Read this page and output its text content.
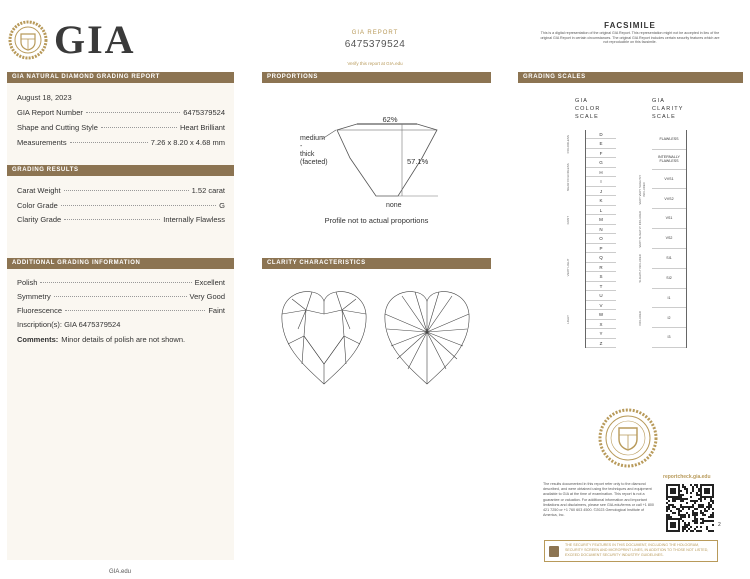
GIA	GIA REPORT
6475379524
Verify this report at GIA.edu
FACSIMILE
This is a digital representation of the original GIA Report. This representation might not be accepted in lieu of the original GIA Report in certain circumstances. The original GIA Report includes certain security features which are not reproducible on this facsimile.
GIA NATURAL DIAMOND GRADING REPORT	PROPORTIONS	GRADING SCALES
GRADING RESULTS
ADDITIONAL GRADING INFORMATION	CLARITY CHARACTERISTICS
August 18, 2023
GIA Report Number	6475379524
Shape and Cutting Style	Heart Brilliant
Measurements	7.26 x 8.20 x 4.68 mm
Carat Weight	1.52 carat
Color Grade	G
Clarity Grade	Internally Flawless
Polish	Excellent
Symmetry	Very Good
Fluorescence	Faint
Inscription(s): GIA 6475379524
Comments: Minor details of polish are not shown.
62%
57.1%
medium
-
thick
(faceted)
none
Profile not to actual proportions
GIA
COLOR
SCALE
GIA
CLARITY
SCALE
D
E
F
G
H
I
J
K
L
M
N
O
P
Q
R
S
T
U
V
W
X
Y
Z
COLORLESS
NEAR COLORLESS
FAINT
VERY LIGHT
LIGHT
FLAWLESS
INTERNALLY FLAWLESS
VVS1
VVS2
VS1
VS2
SI1
SI2
I1
I2
I3
VERY VERY SLIGHTLY INCLUDED
VERY SLIGHTLY INCLUDED
SLIGHTLY INCLUDED
INCLUDED
The results documented in this report refer only to the diamond described, and were obtained using the techniques and equipment available to GIA at the time of examination. This report is not a guarantee or valuation. For additional information and important limitations and disclaimers, please see GIA.edu/terms or call +1 800 421 7250 or +1 760 603 4500. ©2023 Gemological Institute of America, Inc.
reportcheck.gia.edu
2
THE SECURITY FEATURES IN THIS DOCUMENT, INCLUDING THE HOLOGRAM, SECURITY SCREEN AND MICROPRINT LINES, IN ADDITION TO THOSE NOT LISTED, EXCEED DOCUMENT SECURITY INDUSTRY GUIDELINES.
GIA.edu
